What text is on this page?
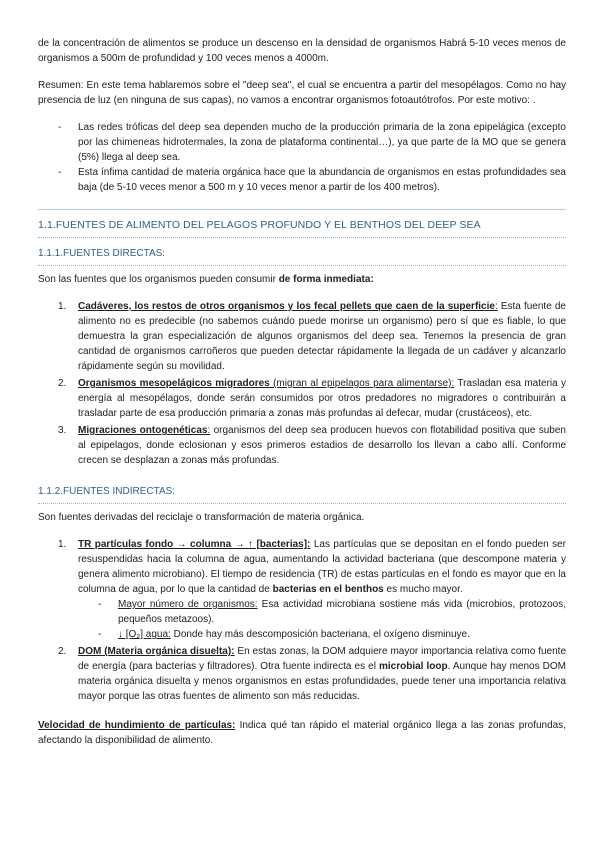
de la concentración de alimentos se produce un descenso en la densidad de organismos Habrá 5-10 veces menos de organismos a 500m de profundidad y 100 veces menos a 4000m.

Resumen: En este tema hablaremos sobre el "deep sea", el cual se encuentra a partir del mesopélagos. Como no hay presencia de luz (en ninguna de sus capas), no vamos a encontrar organismos fotoautótrofos. Por este motivo: .

- Las redes tróficas del deep sea dependen mucho de la producción primaria de la zona epipelágica (excepto por las chimeneas hidrotermales, la zona de plataforma continental…), ya que parte de la MO que se genera (5%) llega al deep sea.
- Esta ínfima cantidad de materia orgánica hace que la abundancia de organismos en estas profundidades sea baja (de 5-10 veces menor a 500 m y 10 veces menor a partir de los 400 metros).
1.1.FUENTES DE ALIMENTO DEL PELAGOS PROFUNDO Y EL BENTHOS DEL DEEP SEA
1.1.1.FUENTES DIRECTAS:

Son las fuentes que los organismos pueden consumir de forma inmediata:

1. Cadáveres, los restos de otros organismos y los fecal pellets que caen de la superficie: Esta fuente de alimento no es predecible (no sabemos cuándo puede morirse un organismo) pero sí que es fiable, lo que demuestra la gran especialización de algunos organismos del deep sea. Tenemos la presencia de gran cantidad de organismos carroñeros que pueden detectar rápidamente la llegada de un cadáver y alcanzarlo rápidamente según su movilidad.
2. Organismos mesopelágicos migradores (migran al epipelagos para alimentarse): Trasladan esa materia y energía al mesopélagos, donde serán consumidos por otros predadores no migradores o contribuirán a trasladar parte de esa producción primaria a zonas más profundas al defecar, mudar (crustáceos), etc.
3. Migraciones ontogenéticas: organismos del deep sea producen huevos con flotabilidad positiva que suben al epipelagos, donde eclosionan y esos primeros estadios de desarrollo los llevan a cabo allí. Conforme crecen se desplazan a zonas más profundas.
1.1.2.FUENTES INDIRECTAS:

Son fuentes derivadas del reciclaje o transformación de materia orgánica.

1. TR partículas fondo → columna → ↑ [bacterias]: Las partículas que se depositan en el fondo pueden ser resuspendidas hacia la columna de agua, aumentando la actividad bacteriana (que descompone materia y genera alimento microbiano). El tiempo de residencia (TR) de estas partículas en el fondo es mayor que en la columna de agua, por lo que la cantidad de bacterias en el benthos es mucho mayor.
- Mayor número de organismos: Esa actividad microbiana sostiene más vida (microbios, protozoos, pequeños metazoos).
- ↓ [O₂] agua: Donde hay más descomposición bacteriana, el oxígeno disminuye.
2. DOM (Materia orgánica disuelta): En estas zonas, la DOM adquiere mayor importancia relativa como fuente de energía (para bacterias y filtradores). Otra fuente indirecta es el microbial loop. Aunque hay menos DOM materia orgánica disuelta y menos organismos en estas profundidades, puede tener una importancia relativa mayor porque las otras fuentes de alimento son más reducidas.

Velocidad de hundimiento de partículas: Indica qué tan rápido el material orgánico llega a las zonas profundas, afectando la disponibilidad de alimento.
